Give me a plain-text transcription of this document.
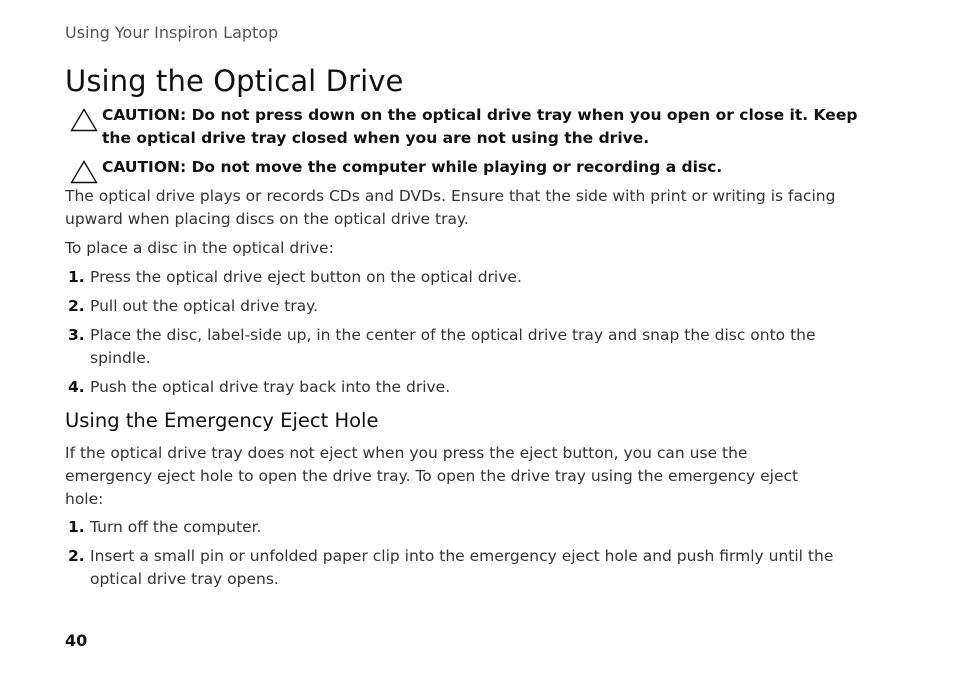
Using Your Inspiron Laptop
Using the Optical Drive
CAUTION: Do not press down on the optical drive tray when you open or close it. Keep the optical drive tray closed when you are not using the drive.
CAUTION: Do not move the computer while playing or recording a disc.

The optical drive plays or records CDs and DVDs. Ensure that the side with print or writing is facing upward when placing discs on the optical drive tray.

To place a disc in the optical drive:

1. Press the optical drive eject button on the optical drive.
2. Pull out the optical drive tray.
3. Place the disc, label-side up, in the center of the optical drive tray and snap the disc onto the spindle.
4. Push the optical drive tray back into the drive.
Using the Emergency Eject Hole

If the optical drive tray does not eject when you press the eject button, you can use the emergency eject hole to open the drive tray. To open the drive tray using the emergency eject hole:

1. Turn off the computer.
2. Insert a small pin or unfolded paper clip into the emergency eject hole and push firmly until the optical drive tray opens.
40
